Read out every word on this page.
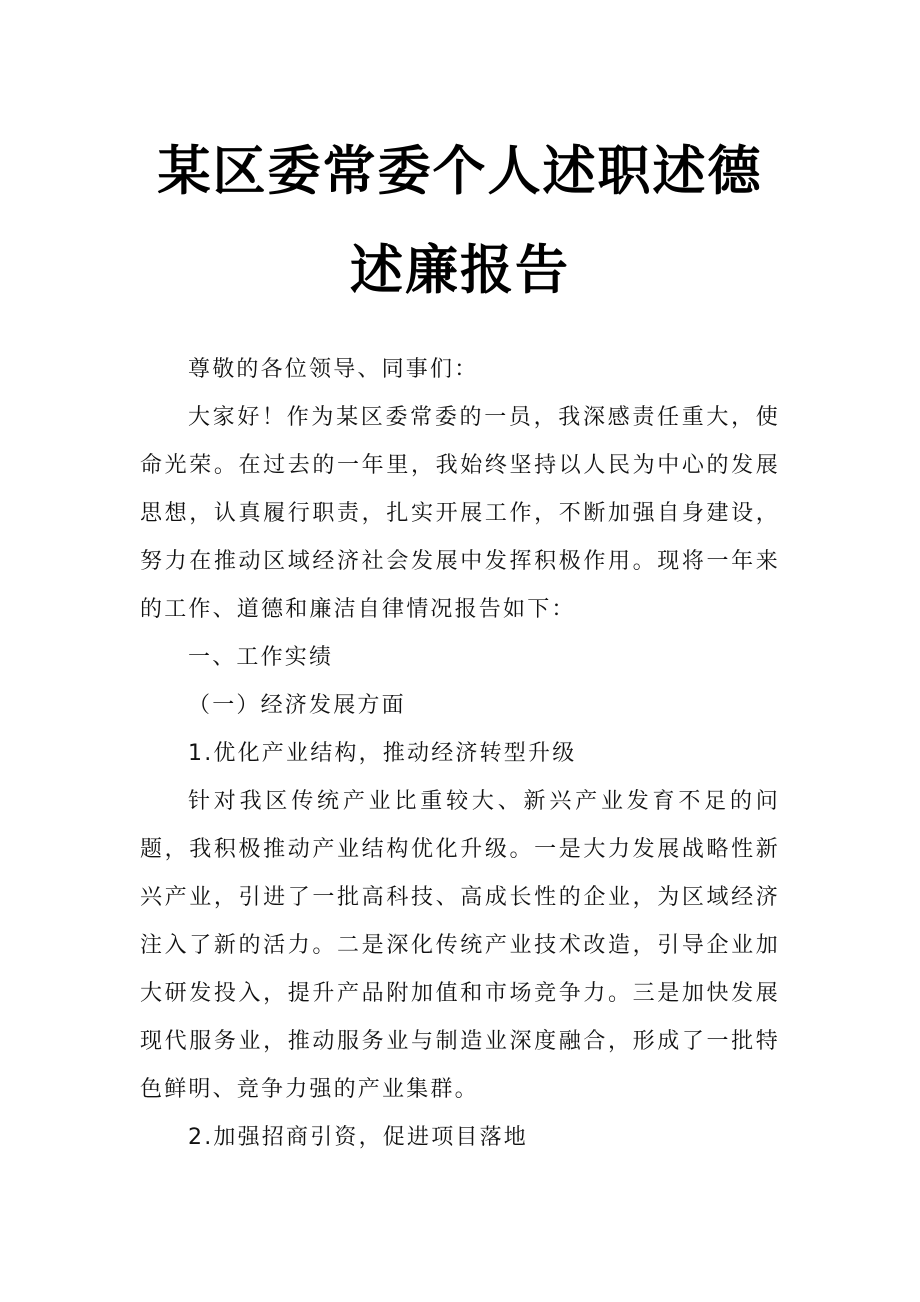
某区委常委个人述职述德
述廉报告

尊敬的各位领导、同事们：

大家好！作为某区委常委的一员，我深感责任重大，使命光荣。在过去的一年里，我始终坚持以人民为中心的发展思想，认真履行职责，扎实开展工作，不断加强自身建设，努力在推动区域经济社会发展中发挥积极作用。现将一年来的工作、道德和廉洁自律情况报告如下：

一、工作实绩

（一）经济发展方面

1.优化产业结构，推动经济转型升级

针对我区传统产业比重较大、新兴产业发育不足的问题，我积极推动产业结构优化升级。一是大力发展战略性新兴产业，引进了一批高科技、高成长性的企业，为区域经济注入了新的活力。二是深化传统产业技术改造，引导企业加大研发投入，提升产品附加值和市场竞争力。三是加快发展现代服务业，推动服务业与制造业深度融合，形成了一批特色鲜明、竞争力强的产业集群。

2.加强招商引资，促进项目落地
